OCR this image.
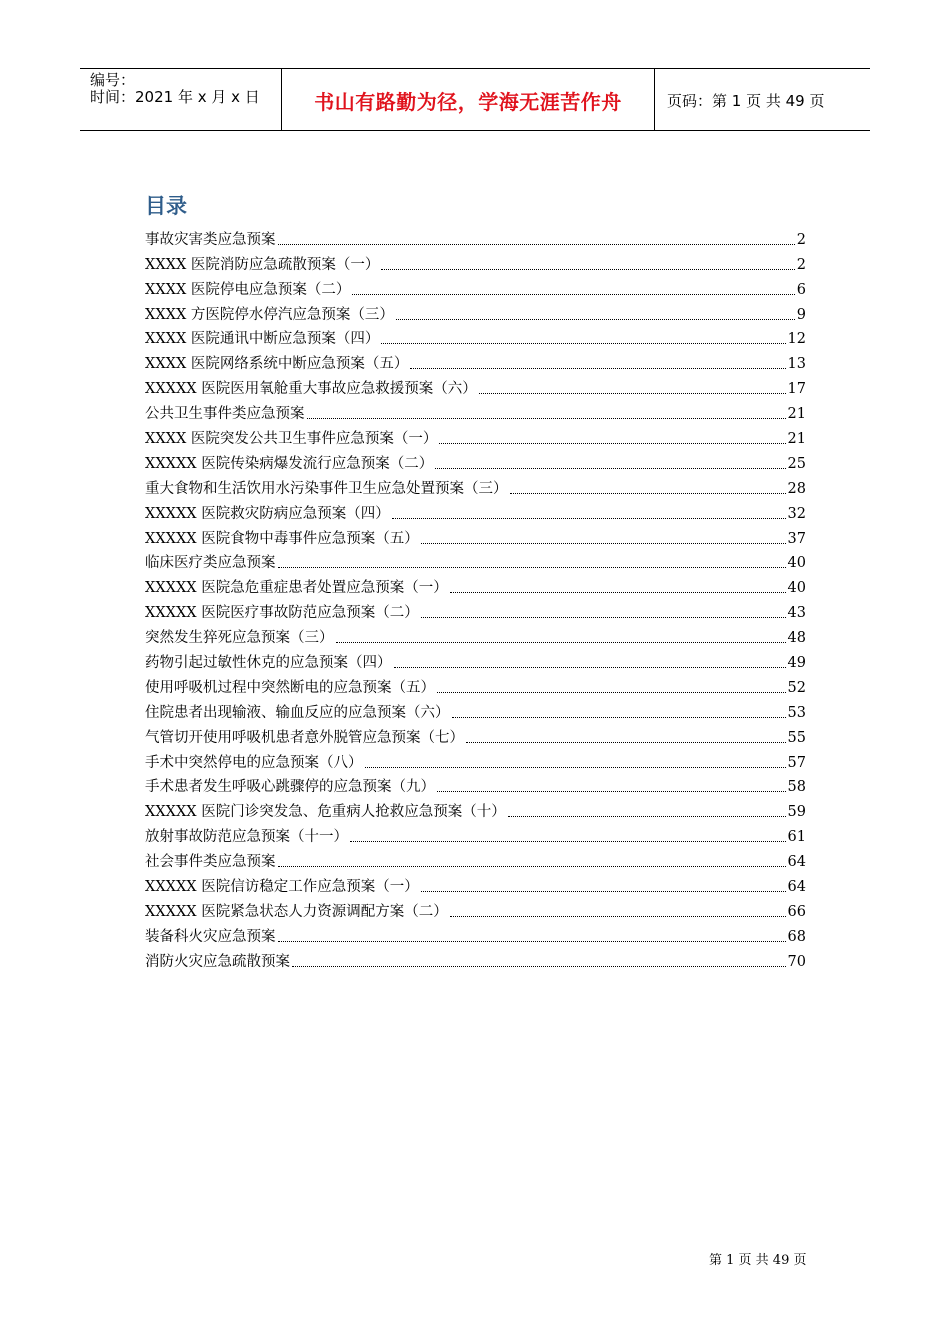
编号：
时间：2021 年 x 月 x 日	书山有路勤为径，学海无涯苦作舟	页码：第 1 页 共 49 页
目录
事故灾害类应急预案	2
XXXX 医院消防应急疏散预案（一）	2
XXXX 医院停电应急预案（二）	6
XXXX 方医院停水停汽应急预案（三）	9
XXXX 医院通讯中断应急预案（四）	12
XXXX 医院网络系统中断应急预案（五）	13
XXXXX 医院医用氧舱重大事故应急救援预案（六）	17
公共卫生事件类应急预案	21
XXXX 医院突发公共卫生事件应急预案（一）	21
XXXXX 医院传染病爆发流行应急预案（二）	25
重大食物和生活饮用水污染事件卫生应急处置预案（三）	28
XXXXX 医院救灾防病应急预案（四）	32
XXXXX 医院食物中毒事件应急预案（五）	37
临床医疗类应急预案	40
XXXXX 医院急危重症患者处置应急预案（一）	40
XXXXX 医院医疗事故防范应急预案（二）	43
突然发生猝死应急预案（三）	48
药物引起过敏性休克的应急预案（四）	49
使用呼吸机过程中突然断电的应急预案（五）	52
住院患者出现输液、输血反应的应急预案（六）	53
气管切开使用呼吸机患者意外脱管应急预案（七）	55
手术中突然停电的应急预案（八）	57
手术患者发生呼吸心跳骤停的应急预案（九）	58
XXXXX 医院门诊突发急、危重病人抢救应急预案（十）	59
放射事故防范应急预案（十一）	61
社会事件类应急预案	64
XXXXX 医院信访稳定工作应急预案（一）	64
XXXXX 医院紧急状态人力资源调配方案（二）	66
装备科火灾应急预案	68
消防火灾应急疏散预案	70
第 1 页 共 49 页
